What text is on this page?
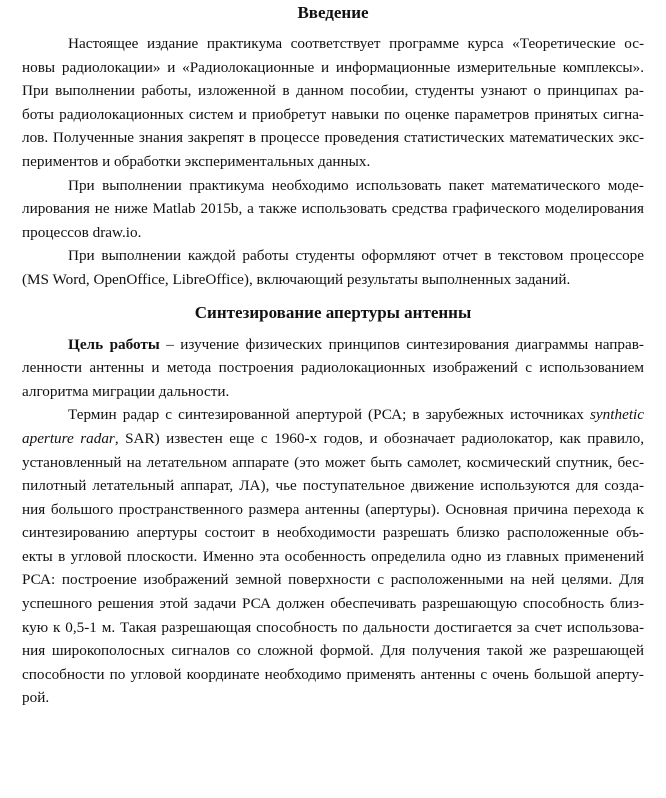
Введение
Настоящее издание практикума соответствует программе курса «Теоретические ос-
новы радиолокации» и «Радиолокационные и информационные измерительные комплексы».
При выполнении работы, изложенной в данном пособии, студенты узнают о принципах ра-
боты радиолокационных систем и приобретут навыки по оценке параметров принятых сигна-
лов. Полученные знания закрепят в процессе проведения статистических математических экс-
периментов и обработки экспериментальных данных.
При выполнении практикума необходимо использовать пакет математического моде-
лирования не ниже Matlab 2015b, а также использовать средства графического моделирования
процессов draw.io.
При выполнении каждой работы студенты оформляют отчет в текстовом процессоре
(MS Word, OpenOffice, LibreOffice), включающий результаты выполненных заданий.
Синтезирование апертуры антенны
Цель работы – изучение физических принципов синтезирования диаграммы направ-
ленности антенны и метода построения радиолокационных изображений с использованием
алгоритма миграции дальности.
Термин радар с синтезированной апертурой (РСА; в зарубежных источниках synthetic
aperture radar, SAR) известен еще с 1960-х годов, и обозначает радиолокатор, как правило,
установленный на летательном аппарате (это может быть самолет, космический спутник, бес-
пилотный летательный аппарат, ЛА), чье поступательное движение используются для созда-
ния большого пространственного размера антенны (апертуры). Основная причина перехода к
синтезированию апертуры состоит в необходимости разрешать близко расположенные объ-
екты в угловой плоскости. Именно эта особенность определила одно из главных применений
РСА: построение изображений земной поверхности с расположенными на ней целями. Для
успешного решения этой задачи РСА должен обеспечивать разрешающую способность близ-
кую к 0,5-1 м. Такая разрешающая способность по дальности достигается за счет использова-
ния широкополосных сигналов со сложной формой. Для получения такой же разрешающей
способности по угловой координате необходимо применять антенны с очень большой аперту-
рой.
